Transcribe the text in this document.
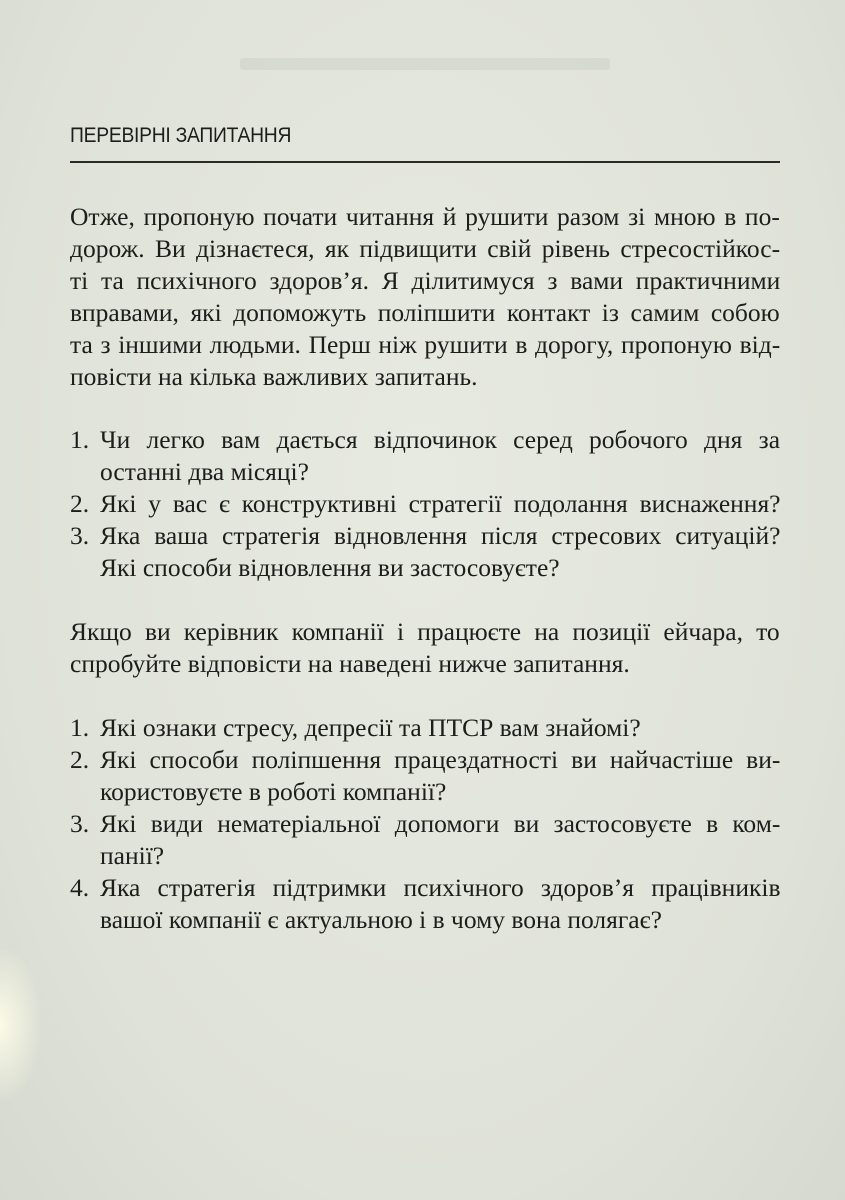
ПЕРЕВІРНІ ЗАПИТАННЯ
Отже, пропоную почати читання й рушити разом зі мною в по-
дорож. Ви дізнаєтеся, як підвищити свій рівень стресостійкос-
ті та психічного здоров’я. Я ділитимуся з вами практичними
вправами, які допоможуть поліпшити контакт із самим собою
та з іншими людьми. Перш ніж рушити в дорогу, пропоную від-
повісти на кілька важливих запитань.
1. Чи легко вам дається відпочинок серед робочого дня за
останні два місяці?
2. Які у вас є конструктивні стратегії подолання виснаження?
3. Яка ваша стратегія відновлення після стресових ситуацій?
Які способи відновлення ви застосовуєте?
Якщо ви керівник компанії і працюєте на позиції ейчара, то
спробуйте відповісти на наведені нижче запитання.
1. Які ознаки стресу, депресії та ПТСР вам знайомі?
2. Які способи поліпшення працездатності ви найчастіше ви-
користовуєте в роботі компанії?
3. Які види нематеріальної допомоги ви застосовуєте в ком-
панії?
4. Яка стратегія підтримки психічного здоров’я працівників
вашої компанії є актуальною і в чому вона полягає?
